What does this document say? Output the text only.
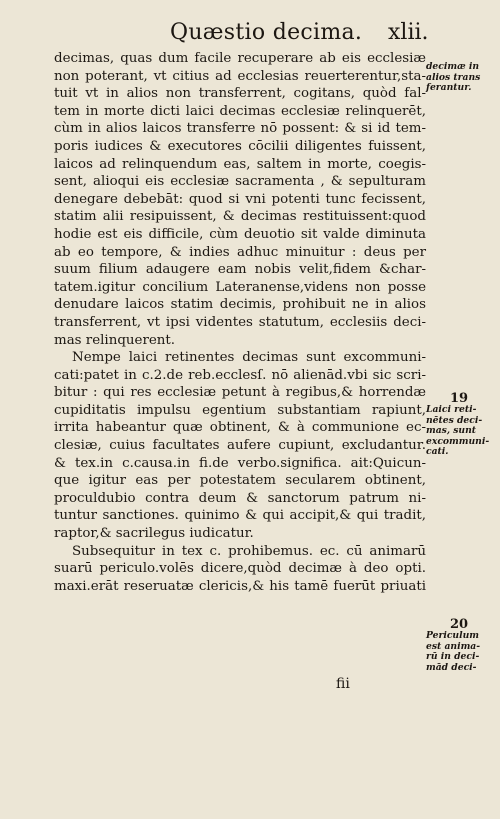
Quæstio decima. xlii.
decimas, quas dum facile recuperare ab eis ecclesiæ
non poterant, vt citius ad ecclesias reuerterentur,sta-
tuit vt in alios non transferrent, cogitans, quòd fal-
tem in morte dicti laici decimas ecclesiæ relinquerēt,
cùm in alios laicos transferre nō possent: & si id tem-
poris iudices & executores cōcilii diligentes fuissent,
laicos ad relinquendum eas, saltem in morte, coegis-
sent, alioqui eis ecclesiæ sacramenta , & sepulturam
denegare debebāt: quod si vni potenti tunc fecissent,
statim alii resipuissent, & decimas restituissent:quod
hodie est eis difficile, cùm deuotio sit valde diminuta
ab eo tempore, & indies adhuc minuitur : deus per
suum filium adaugere eam nobis velit,fidem &char-
tatem.igitur concilium Lateranense,videns non posse
denudare laicos statim decimis, prohibuit ne in alios
transferrent, vt ipsi videntes statutum, ecclesiis deci-
mas relinquerent.
Nempe laici retinentes decimas sunt excommuni-
cati:patet in c.2.de reb.ecclesſ. nō alienād.vbi sic scri-
bitur : qui res ecclesiæ petunt à regibus,& horrendæ
cupiditatis impulsu egentium substantiam rapiunt,
irrita habeantur quæ obtinent, & à communione ec-
clesiæ, cuius facultates aufere cupiunt, excludantur.
& tex.in c.causa.in fi.de verbo.significa. ait:Quicun-
que igitur eas per potestatem secularem obtinent,
proculdubio contra deum & sanctorum patrum ni-
tuntur sanctiones. quinimo & qui accipit,& qui tradit,
raptor,& sacrilegus iudicatur.
Subsequitur in tex c. prohibemus. ec. cū animarū
suarū periculo.volēs dicere,quòd decimæ à deo opti.
maxi.erāt reseruatæ clericis,& his tamē fuerūt priuati
decimæ in
alios trans
ferantur.
19
Laici reti-
nētes deci-
mas, sunt
excommuni-
cati.
20
Periculum
est anima-
rū in deci-
mād deci-
fii
